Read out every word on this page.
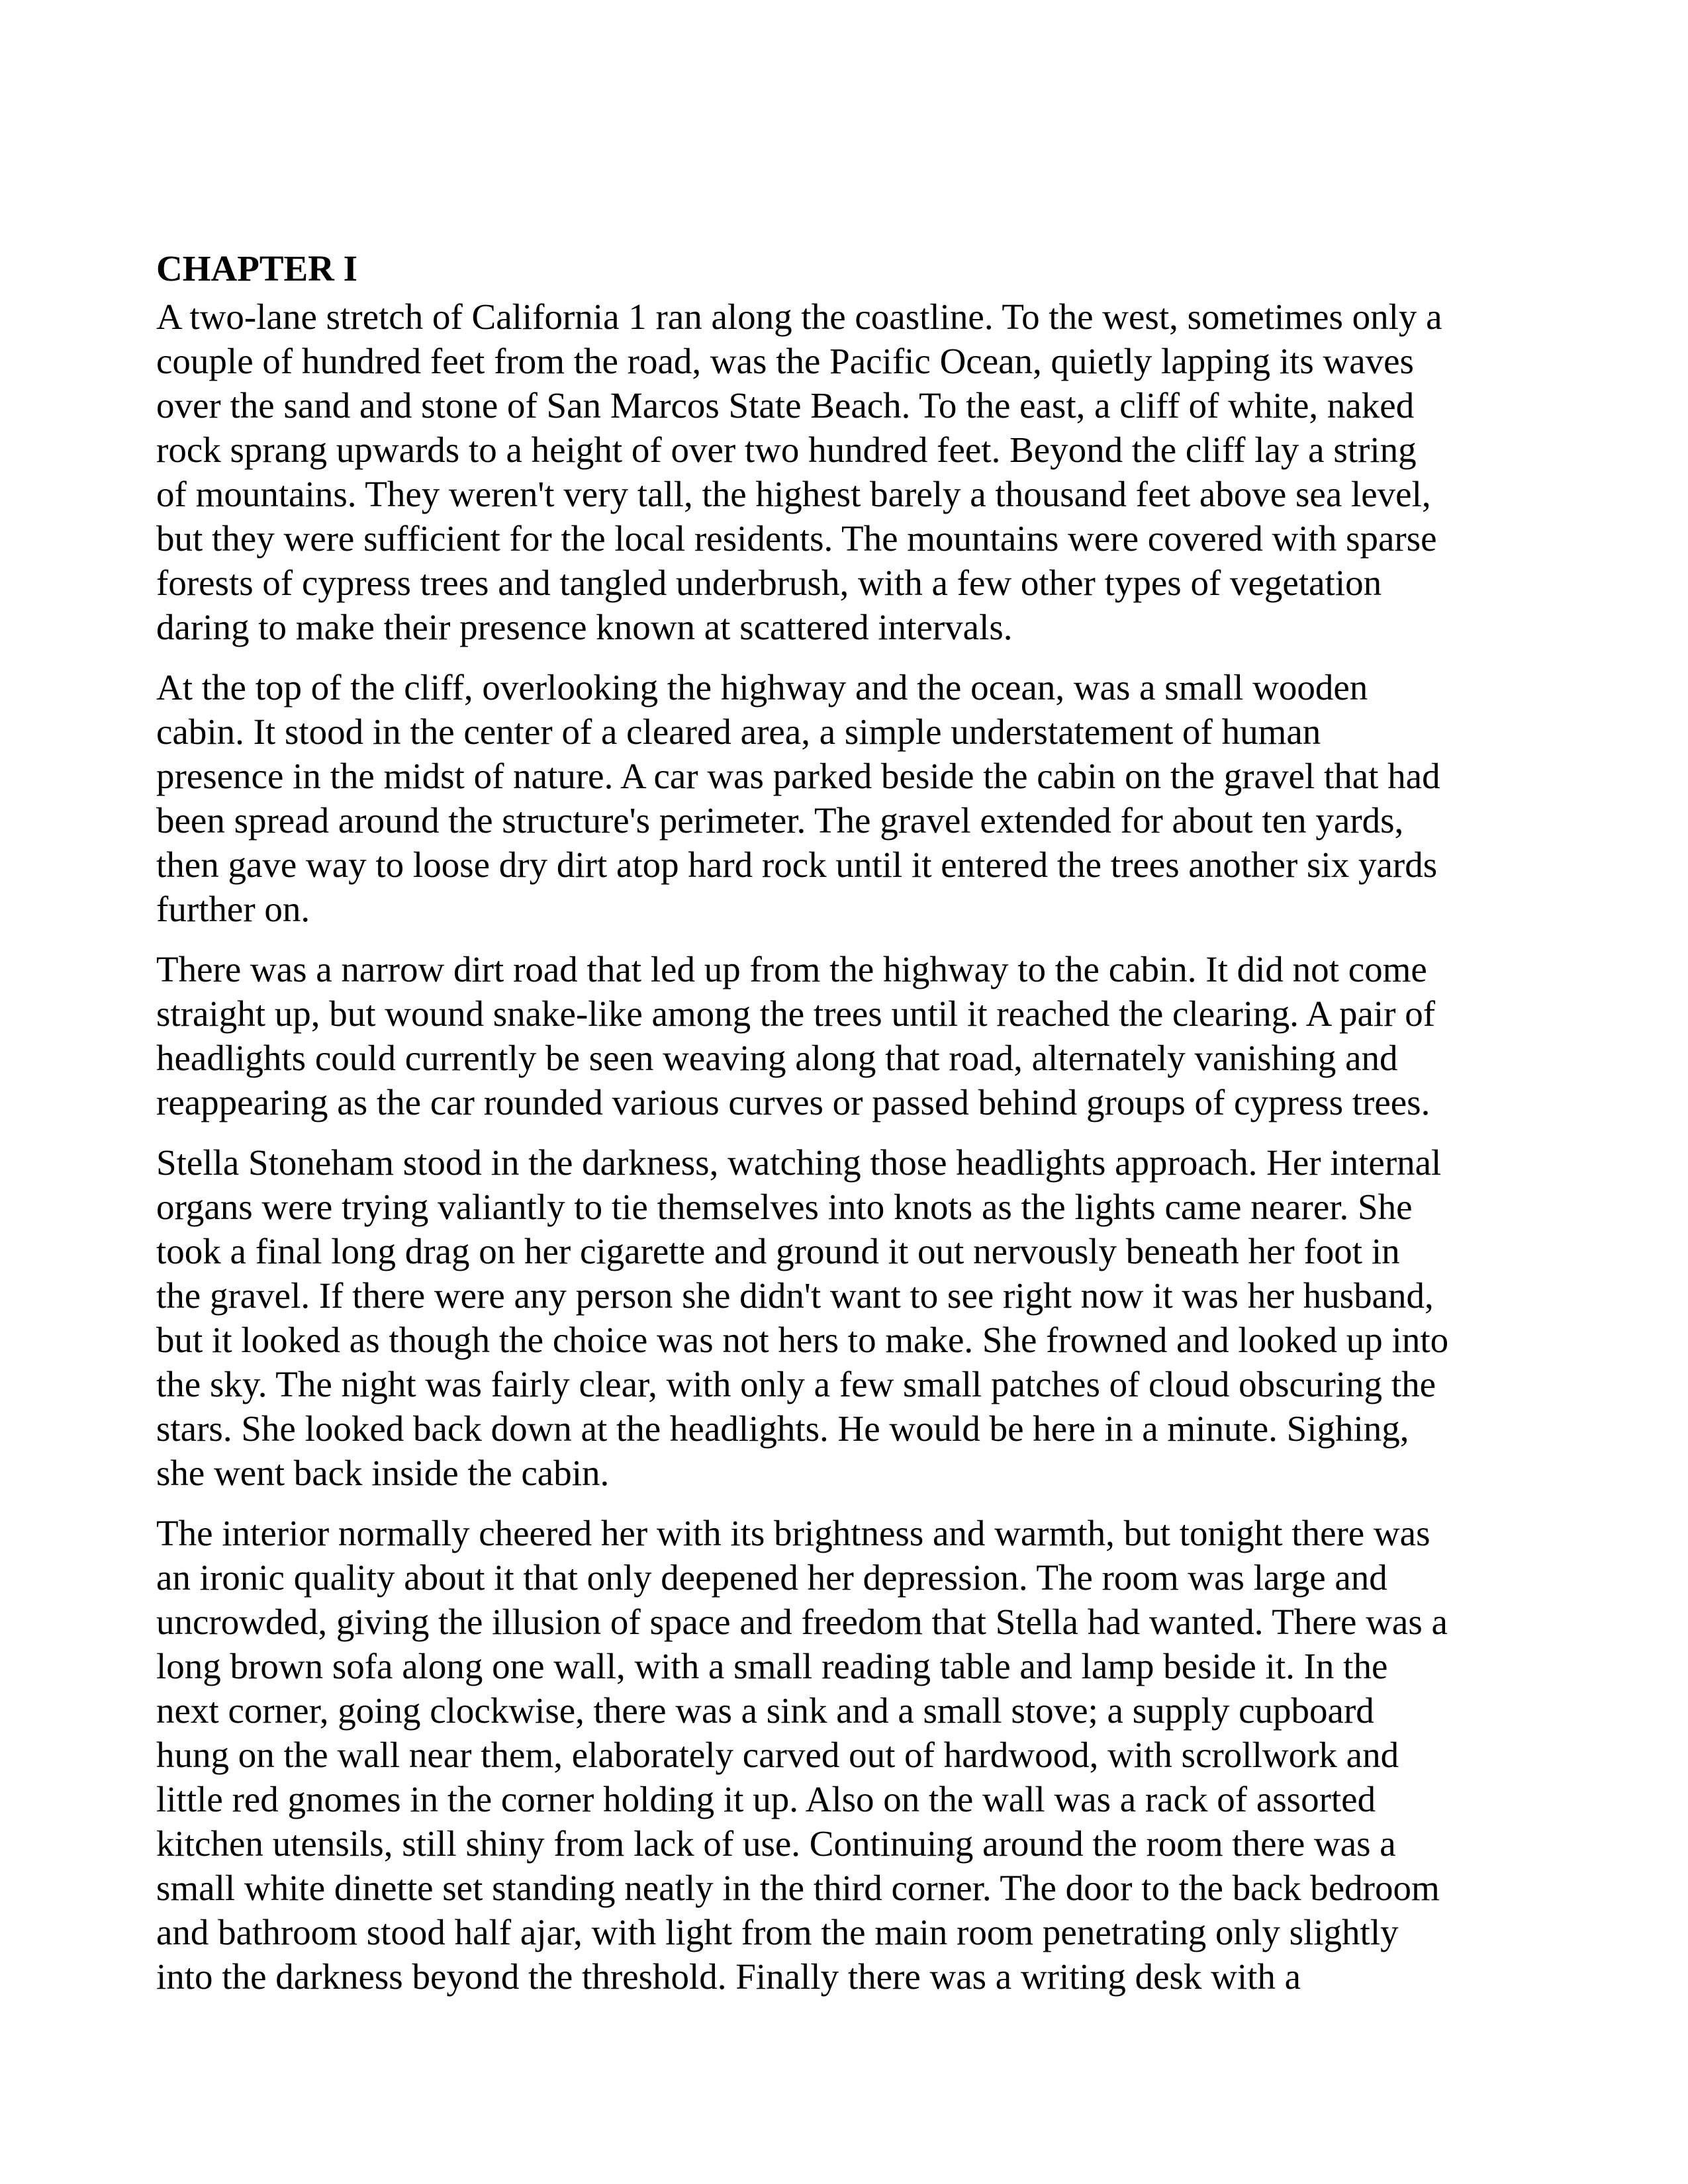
CHAPTER I
A two-lane stretch of California 1 ran along the coastline. To the west, sometimes only a
couple of hundred feet from the road, was the Pacific Ocean, quietly lapping its waves
over the sand and stone of San Marcos State Beach. To the east, a cliff of white, naked
rock sprang upwards to a height of over two hundred feet. Beyond the cliff lay a string
of mountains. They weren't very tall, the highest barely a thousand feet above sea level,
but they were sufficient for the local residents. The mountains were covered with sparse
forests of cypress trees and tangled underbrush, with a few other types of vegetation
daring to make their presence known at scattered intervals.
At the top of the cliff, overlooking the highway and the ocean, was a small wooden
cabin. It stood in the center of a cleared area, a simple understatement of human
presence in the midst of nature. A car was parked beside the cabin on the gravel that had
been spread around the structure's perimeter. The gravel extended for about ten yards,
then gave way to loose dry dirt atop hard rock until it entered the trees another six yards
further on.
There was a narrow dirt road that led up from the highway to the cabin. It did not come
straight up, but wound snake-like among the trees until it reached the clearing. A pair of
headlights could currently be seen weaving along that road, alternately vanishing and
reappearing as the car rounded various curves or passed behind groups of cypress trees.
Stella Stoneham stood in the darkness, watching those headlights approach. Her internal
organs were trying valiantly to tie themselves into knots as the lights came nearer. She
took a final long drag on her cigarette and ground it out nervously beneath her foot in
the gravel. If there were any person she didn't want to see right now it was her husband,
but it looked as though the choice was not hers to make. She frowned and looked up into
the sky. The night was fairly clear, with only a few small patches of cloud obscuring the
stars. She looked back down at the headlights. He would be here in a minute. Sighing,
she went back inside the cabin.
The interior normally cheered her with its brightness and warmth, but tonight there was
an ironic quality about it that only deepened her depression. The room was large and
uncrowded, giving the illusion of space and freedom that Stella had wanted. There was a
long brown sofa along one wall, with a small reading table and lamp beside it. In the
next corner, going clockwise, there was a sink and a small stove; a supply cupboard
hung on the wall near them, elaborately carved out of hardwood, with scrollwork and
little red gnomes in the corner holding it up. Also on the wall was a rack of assorted
kitchen utensils, still shiny from lack of use. Continuing around the room there was a
small white dinette set standing neatly in the third corner. The door to the back bedroom
and bathroom stood half ajar, with light from the main room penetrating only slightly
into the darkness beyond the threshold. Finally there was a writing desk with a
